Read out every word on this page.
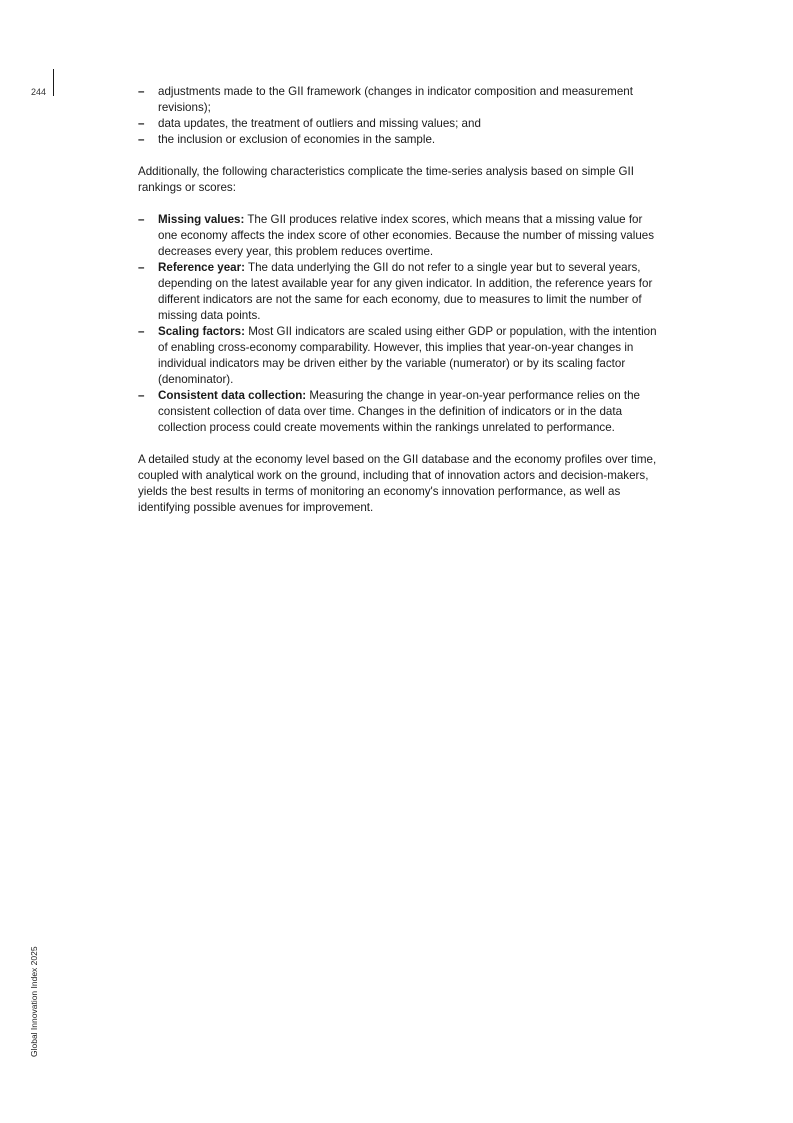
244
–	adjustments made to the GII framework (changes in indicator composition and measurement revisions);
– data updates, the treatment of outliers and missing values; and
– the inclusion or exclusion of economies in the sample.

Additionally, the following characteristics complicate the time-series analysis based on simple GII rankings or scores:

– Missing values: The GII produces relative index scores, which means that a missing value for one economy affects the index score of other economies. Because the number of missing values decreases every year, this problem reduces overtime.
– Reference year: The data underlying the GII do not refer to a single year but to several years, depending on the latest available year for any given indicator. In addition, the reference years for different indicators are not the same for each economy, due to measures to limit the number of missing data points.
– Scaling factors: Most GII indicators are scaled using either GDP or population, with the intention of enabling cross-economy comparability. However, this implies that year-on-year changes in individual indicators may be driven either by the variable (numerator) or by its scaling factor (denominator).
– Consistent data collection: Measuring the change in year-on-year performance relies on the consistent collection of data over time. Changes in the definition of indicators or in the data collection process could create movements within the rankings unrelated to performance.

A detailed study at the economy level based on the GII database and the economy profiles over time, coupled with analytical work on the ground, including that of innovation actors and decision-makers, yields the best results in terms of monitoring an economy's innovation performance, as well as identifying possible avenues for improvement.

Global Innovation Index 2025
